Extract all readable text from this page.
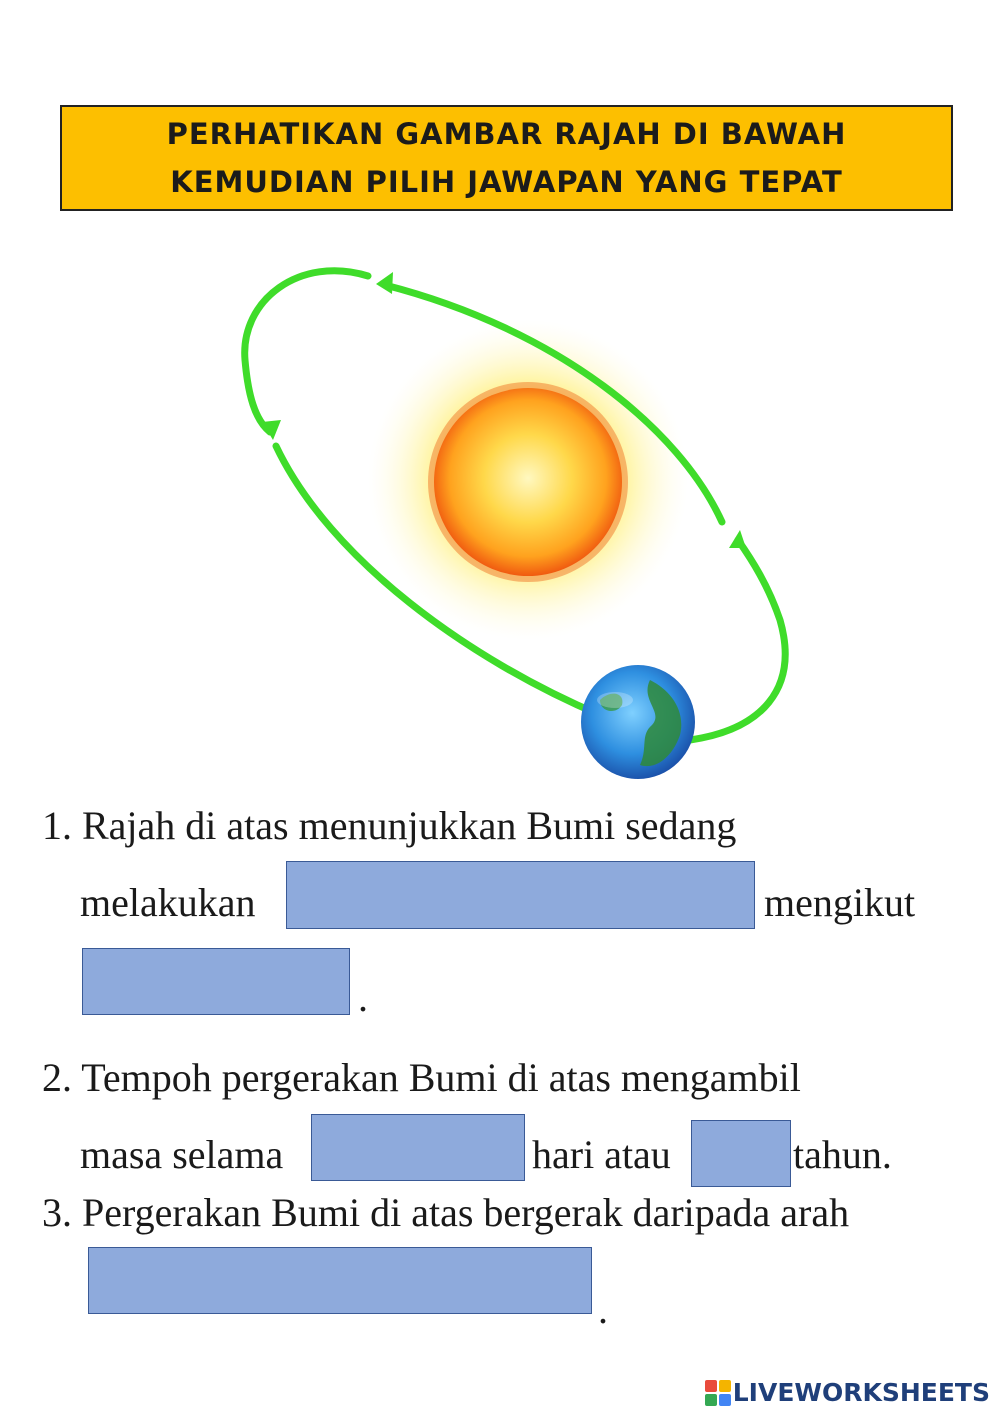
PERHATIKAN GAMBAR RAJAH DI BAWAH
KEMUDIAN PILIH JAWAPAN YANG TEPAT
1. Rajah di atas menunjukkan Bumi sedang
melakukan	mengikut
.
2. Tempoh pergerakan Bumi di atas mengambil
masa selama	hari atau	tahun.
3. Pergerakan Bumi di atas bergerak daripada arah
.
LIVEWORKSHEETS
